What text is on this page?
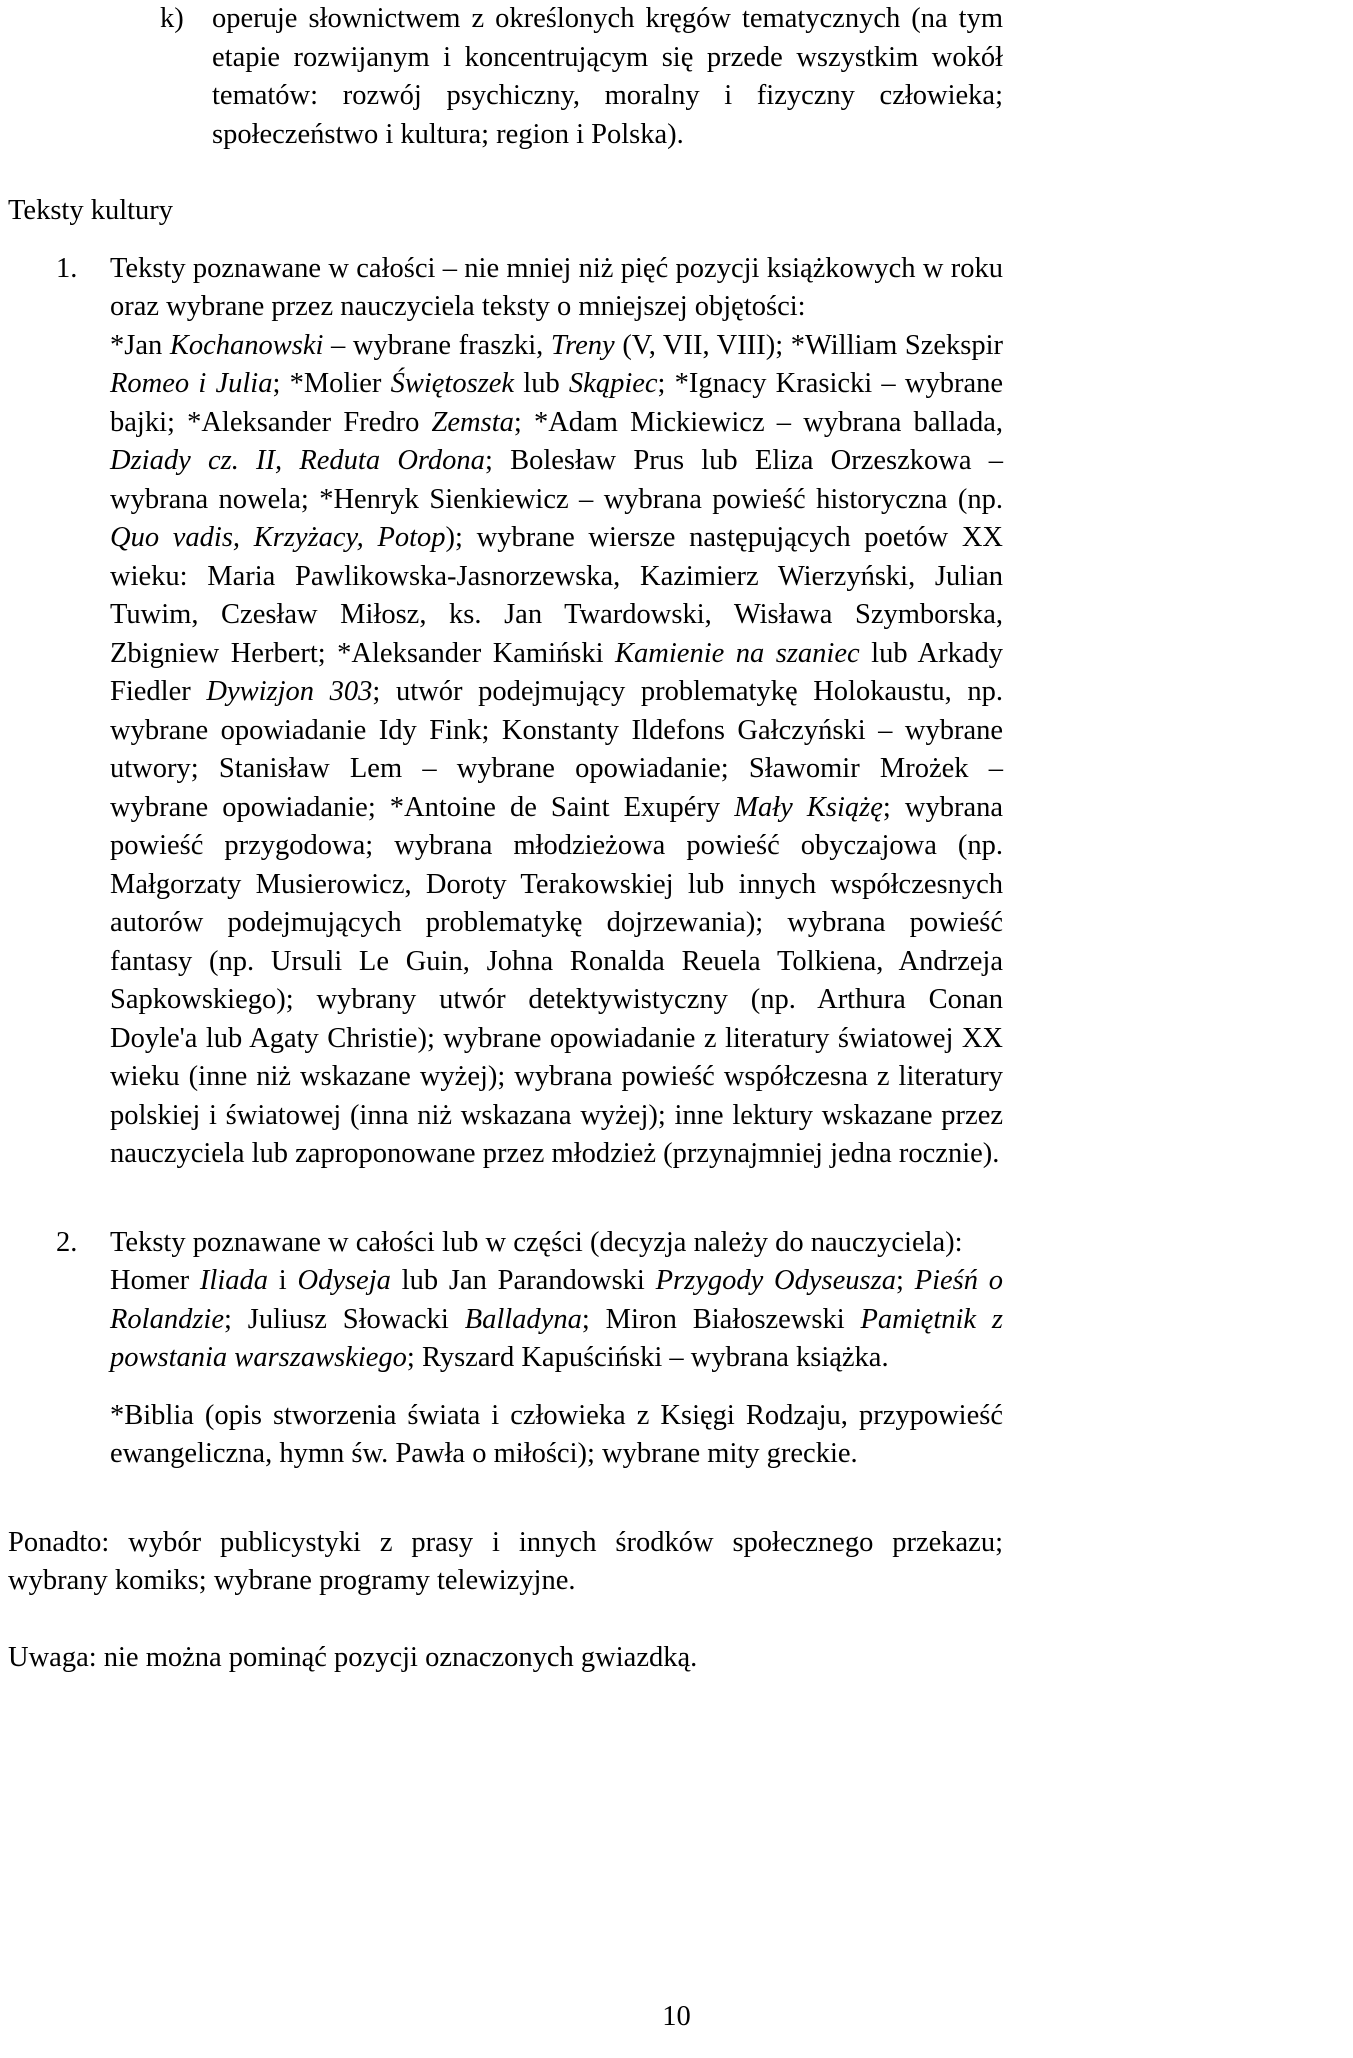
k) operuje słownictwem z określonych kręgów tematycznych (na tym etapie rozwijanym i koncentrującym się przede wszystkim wokół tematów: rozwój psychiczny, moralny i fizyczny człowieka; społeczeństwo i kultura; region i Polska).
Teksty kultury
1.	Teksty poznawane w całości – nie mniej niż pięć pozycji książkowych w roku oraz wybrane przez nauczyciela teksty o mniejszej objętości:
*Jan Kochanowski – wybrane fraszki, Treny (V, VII, VIII); *William Szekspir Romeo i Julia; *Molier Świętoszek lub Skąpiec; *Ignacy Krasicki – wybrane bajki; *Aleksander Fredro Zemsta; *Adam Mickiewicz – wybrana ballada, Dziady cz. II, Reduta Ordona; Bolesław Prus lub Eliza Orzeszkowa – wybrana nowela; *Henryk Sienkiewicz – wybrana powieść historyczna (np. Quo vadis, Krzyżacy, Potop); wybrane wiersze następujących poetów XX wieku: Maria Pawlikowska-Jasnorzewska, Kazimierz Wierzyński, Julian Tuwim, Czesław Miłosz, ks. Jan Twardowski, Wisława Szymborska, Zbigniew Herbert; *Aleksander Kamiński Kamienie na szaniec lub Arkady Fiedler Dywizjon 303; utwór podejmujący problematykę Holokaustu, np. wybrane opowiadanie Idy Fink; Konstanty Ildefons Gałczyński – wybrane utwory; Stanisław Lem – wybrane opowiadanie; Sławomir Mrożek – wybrane opowiadanie; *Antoine de Saint Exupéry Mały Książę; wybrana powieść przygodowa; wybrana młodzieżowa powieść obyczajowa (np. Małgorzaty Musierowicz, Doroty Terakowskiej lub innych współczesnych autorów podejmujących problematykę dojrzewania); wybrana powieść fantasy (np. Ursuli Le Guin, Johna Ronalda Reuela Tolkiena, Andrzeja Sapkowskiego); wybrany utwór detektywistyczny (np. Arthura Conan Doyle'a lub Agaty Christie); wybrane opowiadanie z literatury światowej XX wieku (inne niż wskazane wyżej); wybrana powieść współczesna z literatury polskiej i światowej (inna niż wskazana wyżej); inne lektury wskazane przez nauczyciela lub zaproponowane przez młodzież (przynajmniej jedna rocznie).
2.	Teksty poznawane w całości lub w części (decyzja należy do nauczyciela):
Homer Iliada i Odyseja lub Jan Parandowski Przygody Odyseusza; Pieśń o Rolandzie; Juliusz Słowacki Balladyna; Miron Białoszewski Pamiętnik z powstania warszawskiego; Ryszard Kapuściński – wybrana książka.
*Biblia (opis stworzenia świata i człowieka z Księgi Rodzaju, przypowieść ewangeliczna, hymn św. Pawła o miłości); wybrane mity greckie.
Ponadto: wybór publicystyki z prasy i innych środków społecznego przekazu; wybrany komiks; wybrane programy telewizyjne.
Uwaga: nie można pominąć pozycji oznaczonych gwiazdką.
10
